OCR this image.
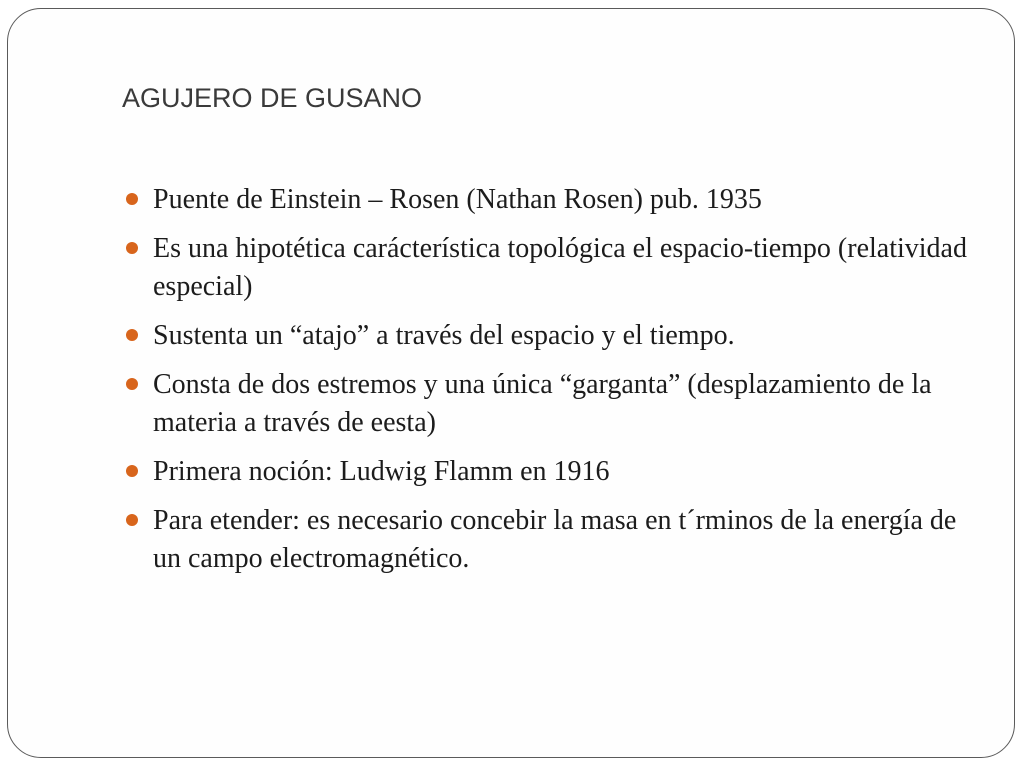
AGUJERO DE GUSANO
Puente de Einstein – Rosen (Nathan Rosen) pub. 1935
Es una hipotética carácterística topológica el espacio-tiempo (relatividad especial)
Sustenta un “atajo” a través del espacio y el tiempo.
Consta de dos estremos y una única “garganta” (desplazamiento de la materia a través de eesta)
Primera noción: Ludwig Flamm en 1916
Para etender: es necesario concebir la masa en t´rminos de la energía de un campo electromagnético.
